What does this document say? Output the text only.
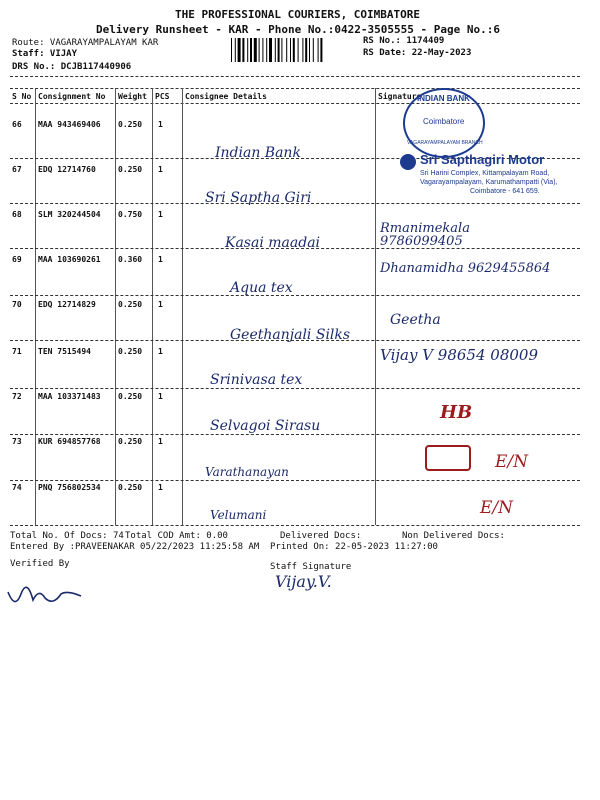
THE PROFESSIONAL COURIERS, COIMBATORE
Delivery Runsheet - KAR - Phone No.:0422-3505555 - Page No.:6
Route: VAGARAYAMPALAYAM KAR
Staff: VIJAY
DRS No.: DCJB117440906
RS No.: 1174409
RS Date: 22-May-2023
S No Consignment No Weight PCS Consignee Details	Signature
66 MAA 943469406 0.250 1
Indian Bank
67 EDQ 12714760	0.250 1
Sri Saptha Giri
68 SLM 320244504 0.750 1
Kasai maadai
Rmanimekala 9786099405
69 MAA 103690261 0.360 1
Aqua tex
Dhanamidha 9629455864
70 EDQ 12714829	0.250 1
Geethanjali Silks
Geetha
71 TEN 7515494	0.250 1
Srinivasa tex
Vijay V 98654 08009
72 MAA 103371483 0.250 1
Selvagoi Sirasu
HB
73 KUR 694857768 0.250 1
Varathanayan	E/N
74 PNQ 756802534 0.250 1
Velumani	E/N
INDIAN BANK
Coimbatore
VAGARAYAMPALAYAM BRANCH
Sri Sapthagiri Motor
Sri Harini Complex, Kittampalayam Road,
Vagarayampalayam, Karumathampatti (Via),
Coimbatore - 641 659.
Total No. Of Docs: 74 Total COD Amt: 0.00	Delivered Docs:	Non Delivered Docs:
Entered By :PRAVEENAKAR 05/22/2023 11:25:58 AM Printed On: 22-05-2023 11:27:00
Verified By	Staff Signature
Vijay.V.
